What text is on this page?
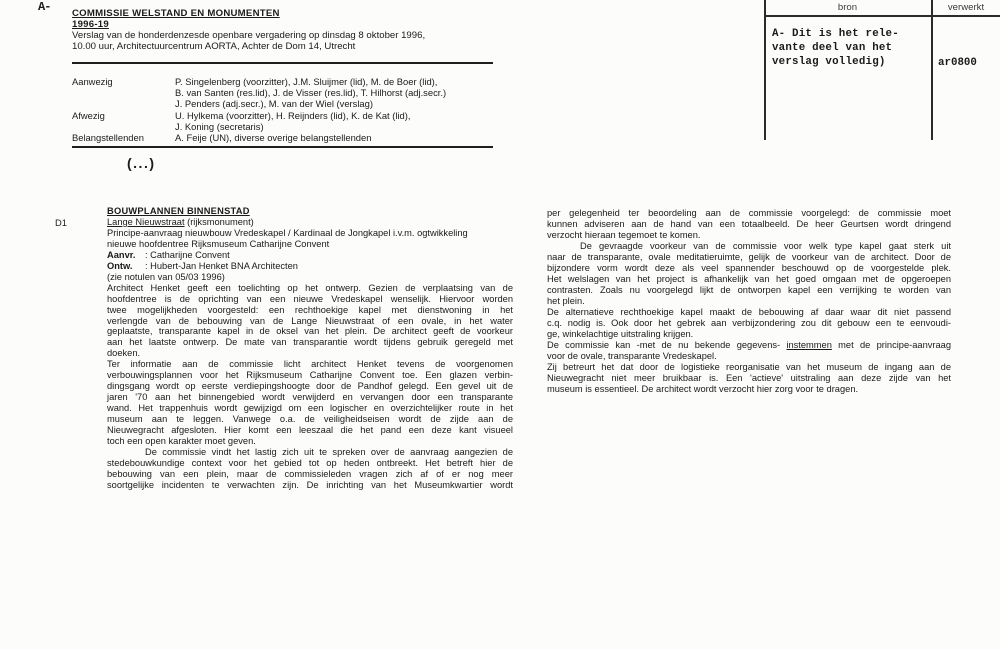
A- COMMISSIE WELSTAND EN MONUMENTEN
1996-19
Verslag van de honderdenzesde openbare vergadering op dinsdag 8 oktober 1996,
10.00 uur, Architectuurcentrum AORTA, Achter de Dom 14, Utrecht
Aanwezig	P. Singelenberg (voorzitter), J.M. Sluijmer (lid), M. de Boer (lid),
B. van Santen (res.lid), J. de Visser (res.lid), T. Hilhorst (adj.secr.)
J. Penders (adj.secr.), M. van der Wiel (verslag)
Afwezig	U. Hylkema (voorzitter), H. Reijnders (lid), K. de Kat (lid),
J. Koning (secretaris)
Belangstellenden	A. Feije (UN), diverse overige belangstellenden
(...)
bron	verwerkt
A- Dit is het rele-
vante deel van het
verslag volledig)	ar0800
D1
BOUWPLANNEN BINNENSTAD
Lange Nieuwstraat (rijksmonument)
Principe-aanvraag nieuwbouw Vredeskapel / Kardinaal de Jongkapel i.v.m. ogtwikkeling
nieuwe hoofdentree Rijksmuseum Catharijne Convent
Aanvr.	: Catharijne Convent
Ontw.	: Hubert-Jan Henket BNA Architecten
(zie notulen van 05/03 1996)
Architect Henket geeft een toelichting op het ontwerp. Gezien de verplaatsing van de
hoofdentree is de oprichting van een nieuwe Vredeskapel wenselijk. Hiervoor worden
twee mogelijkheden voorgesteld: een rechthoekige kapel met dienstwoning in het
verlengde van de bebouwing van de Lange Nieuwstraat of een ovale, in het water
geplaatste, transparante kapel in de oksel van het plein. De architect geeft de voorkeur
aan het laatste ontwerp. De mate van transparantie wordt tijdens gebruik geregeld met
doeken.
Ter informatie aan de commissie licht architect Henket tevens de voorgenomen
verbouwingsplannen voor het Rijksmuseum Catharijne Convent toe. Een glazen verbin-
dingsgang wordt op eerste verdiepingshoogte door de Pandhof gelegd. Een gevel uit de
jaren '70 aan het binnengebied wordt verwijderd en vervangen door een transparante
wand. Het trappenhuis wordt gewijzigd om een logischer en overzichtelijker route in het
museum aan te leggen. Vanwege o.a. de veiligheidseisen wordt de zijde aan de
Nieuwegracht afgesloten. Hier komt een leeszaal die het pand een deze kant visueel
toch een open karakter moet geven.
De commissie vindt het lastig zich uit te spreken over de aanvraag aangezien de
stedebouwkundige context voor het gebied tot op heden ontbreekt. Het betreft hier de
bebouwing van een plein, maar de commissieleden vragen zich af of er nog meer
soortgelijke incidenten te verwachten zijn. De inrichting van het Museumkwartier wordt
per gelegenheid ter beoordeling aan de commissie voorgelegd: de commissie moet
kunnen adviseren aan de hand van een totaalbeeld. De heer Geurtsen wordt dringend
verzocht hieraan tegemoet te komen.
De gevraagde voorkeur van de commissie voor welk type kapel gaat sterk uit
naar de transparante, ovale meditatieruimte, gelijk de voorkeur van de architect. Door de
bijzondere vorm wordt deze als veel spannender beschouwd op de voorgestelde plek.
Het welslagen van het project is afhankelijk van het goed omgaan met de opgeroepen
contrasten. Zoals nu voorgelegd lijkt de ontworpen kapel een verrijking te worden van
het plein.
De alternatieve rechthoekige kapel maakt de bebouwing af daar waar dit niet passend
c.q. nodig is. Ook door het gebrek aan verbijzondering zou dit gebouw een te eenvoudi-
ge, winkelachtige uitstraling krijgen.
De commissie kan -met de nu bekende gegevens- instemmen met de principe-aanvraag
voor de ovale, transparante Vredeskapel.
Zij betreurt het dat door de logistieke reorganisatie van het museum de ingang aan de
Nieuwegracht niet meer bruikbaar is. Een 'actieve' uitstraling aan deze zijde van het
museum is essentieel. De architect wordt verzocht hier zorg voor te dragen.
